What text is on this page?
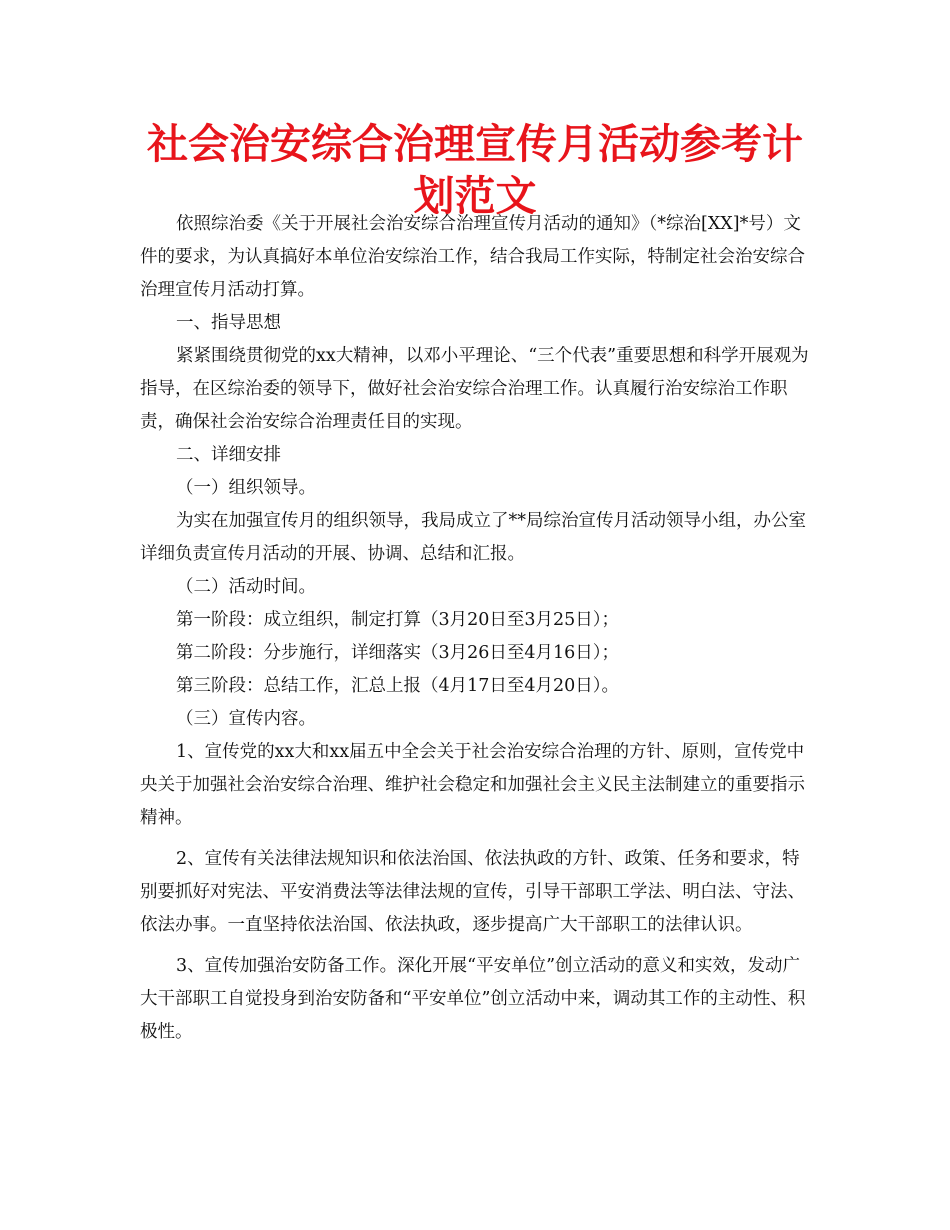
社会治安综合治理宣传月活动参考计划范文

依照综治委《关于开展社会治安综合治理宣传月活动的通知》（*综治[XX]*号）文件的要求，为认真搞好本单位治安综治工作，结合我局工作实际，特制定社会治安综合治理宣传月活动打算。

一、指导思想

紧紧围绕贯彻党的xx大精神，以邓小平理论、“三个代表”重要思想和科学开展观为指导，在区综治委的领导下，做好社会治安综合治理工作。认真履行治安综治工作职责，确保社会治安综合治理责任目的实现。

二、详细安排

（一）组织领导。

为实在加强宣传月的组织领导，我局成立了**局综治宣传月活动领导小组，办公室详细负责宣传月活动的开展、协调、总结和汇报。

（二）活动时间。

第一阶段：成立组织，制定打算（3月20日至3月25日）；

第二阶段：分步施行，详细落实（3月26日至4月16日）；

第三阶段：总结工作，汇总上报（4月17日至4月20日）。

（三）宣传内容。

1、宣传党的xx大和xx届五中全会关于社会治安综合治理的方针、原则，宣传党中央关于加强社会治安综合治理、维护社会稳定和加强社会主义民主法制建立的重要指示精神。

2、宣传有关法律法规知识和依法治国、依法执政的方针、政策、任务和要求，特别要抓好对宪法、平安消费法等法律法规的宣传，引导干部职工学法、明白法、守法、依法办事。一直坚持依法治国、依法执政，逐步提高广大干部职工的法律认识。

3、宣传加强治安防备工作。深化开展“平安单位”创立活动的意义和实效，发动广大干部职工自觉投身到治安防备和“平安单位”创立活动中来，调动其工作的主动性、积极性。
